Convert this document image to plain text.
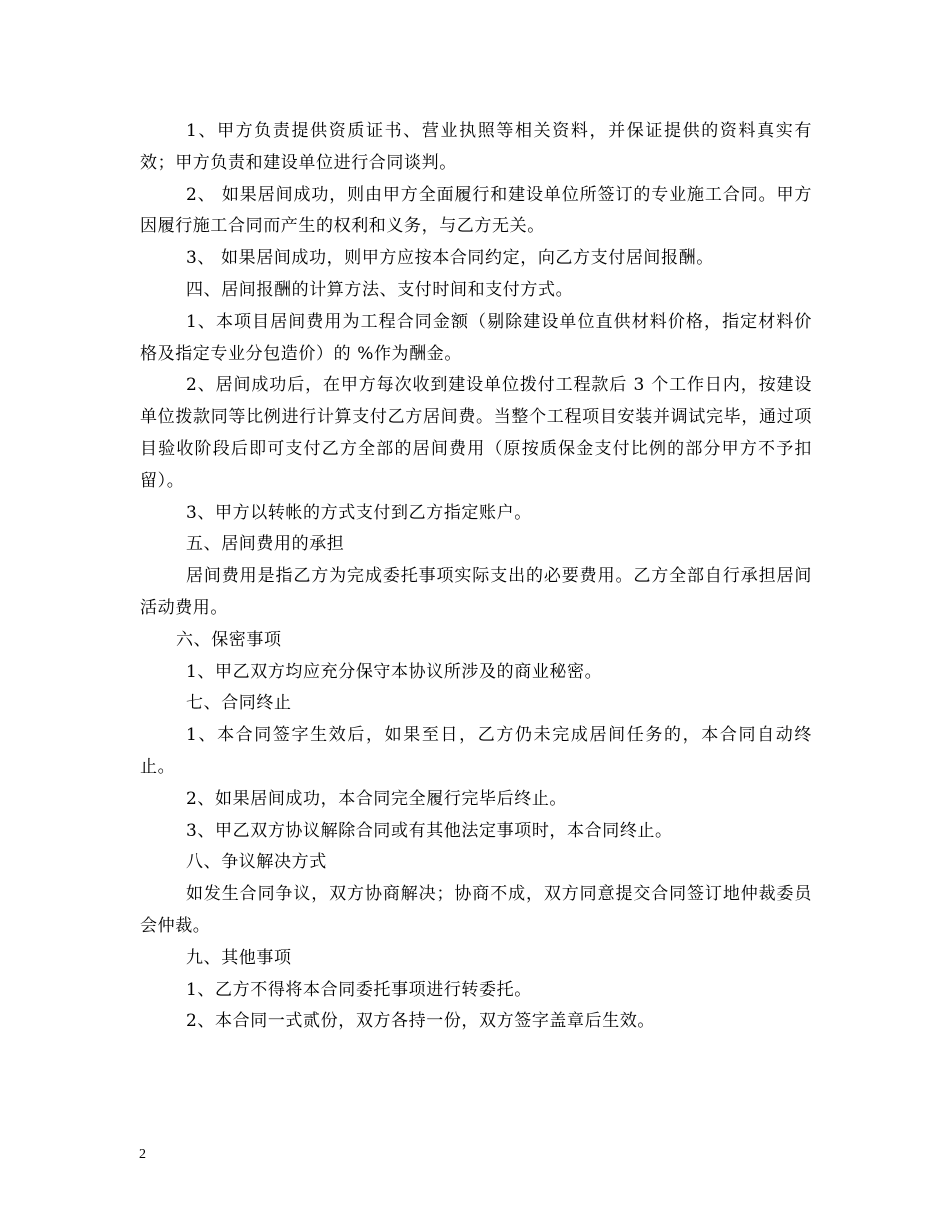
1、甲方负责提供资质证书、营业执照等相关资料，并保证提供的资料真实有效；甲方负责和建设单位进行合同谈判。

2、 如果居间成功，则由甲方全面履行和建设单位所签订的专业施工合同。甲方因履行施工合同而产生的权利和义务，与乙方无关。

3、 如果居间成功，则甲方应按本合同约定，向乙方支付居间报酬。

四、居间报酬的计算方法、支付时间和支付方式。

1、本项目居间费用为工程合同金额（剔除建设单位直供材料价格，指定材料价格及指定专业分包造价）的 %作为酬金。

2、居间成功后，在甲方每次收到建设单位拨付工程款后 3 个工作日内，按建设单位拨款同等比例进行计算支付乙方居间费。当整个工程项目安装并调试完毕，通过项目验收阶段后即可支付乙方全部的居间费用（原按质保金支付比例的部分甲方不予扣留）。

3、甲方以转帐的方式支付到乙方指定账户。

五、居间费用的承担

居间费用是指乙方为完成委托事项实际支出的必要费用。乙方全部自行承担居间活动费用。

六、保密事项

1、甲乙双方均应充分保守本协议所涉及的商业秘密。

七、合同终止

1、本合同签字生效后，如果至日，乙方仍未完成居间任务的，本合同自动终止。

2、如果居间成功，本合同完全履行完毕后终止。

3、甲乙双方协议解除合同或有其他法定事项时，本合同终止。

八、争议解决方式

如发生合同争议，双方协商解决；协商不成，双方同意提交合同签订地仲裁委员会仲裁。

九、其他事项

1、乙方不得将本合同委托事项进行转委托。

2、本合同一式贰份，双方各持一份，双方签字盖章后生效。

2
